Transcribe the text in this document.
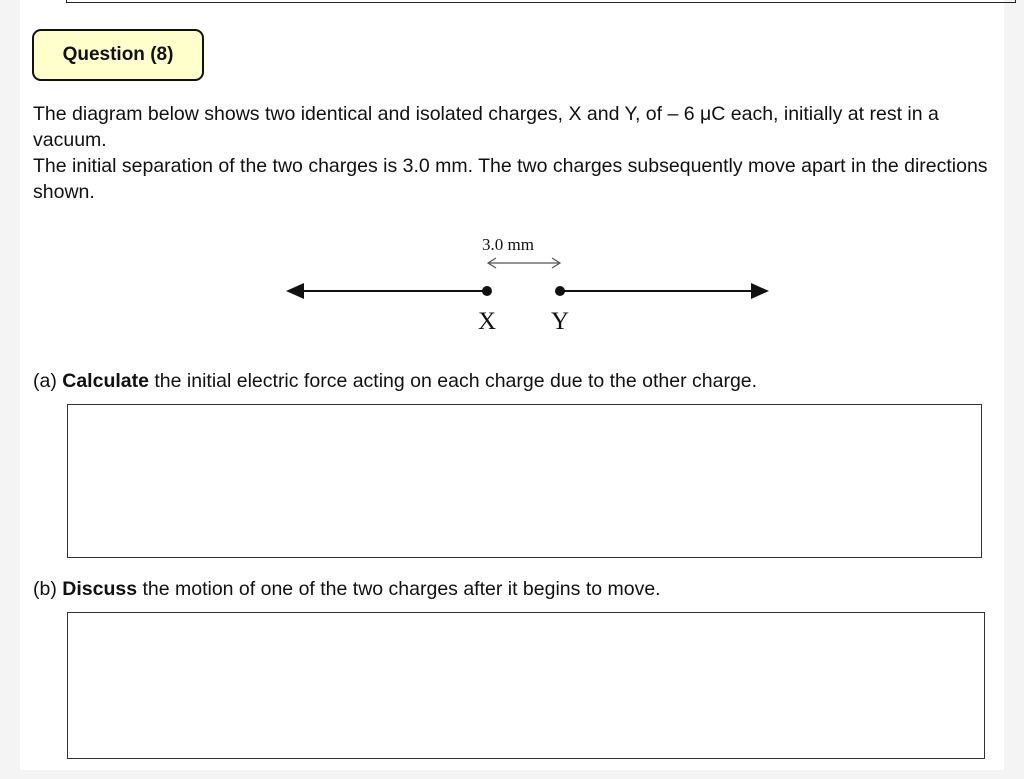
Question (8)

The diagram below shows two identical and isolated charges, X and Y, of – 6 μC each, initially at rest in a vacuum.

The initial separation of the two charges is 3.0 mm. The two charges subsequently move apart in the directions shown.

3.0 mm
X Y
(a) Calculate the initial electric force acting on each charge due to the other charge.
(b) Discuss the motion of one of the two charges after it begins to move.
